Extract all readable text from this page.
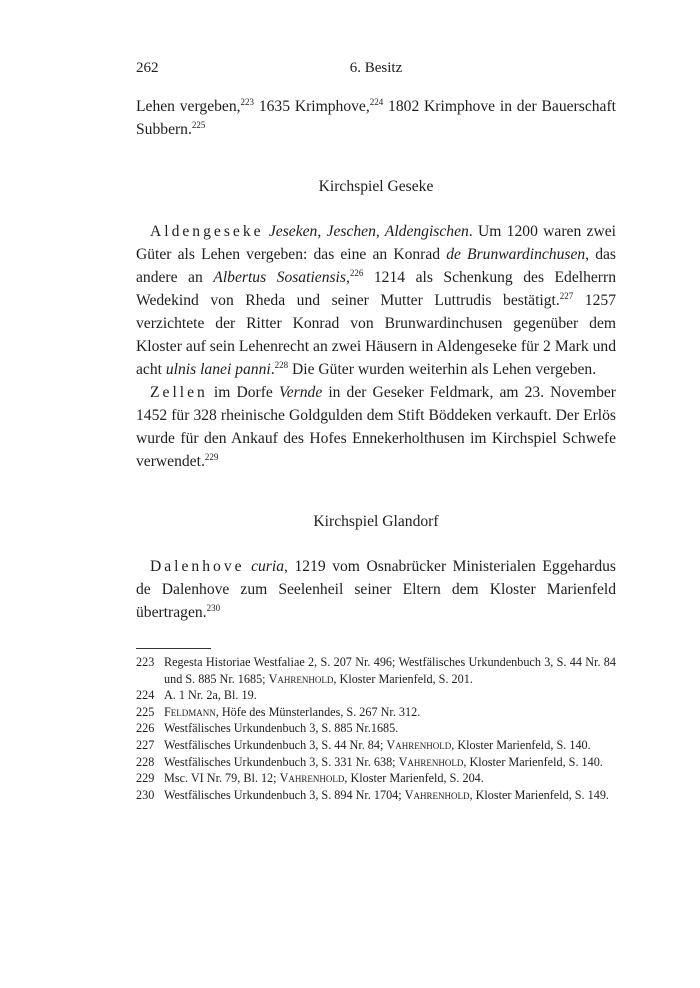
262	6. Besitz

Lehen vergeben,$^{223}$ 1635 Krimphove,$^{224}$ 1802 Krimphove in der Bauerschaft Subbern.$^{225}$

Kirchspiel Geseke

Aldengeseke Jeseken, Jeschen, Aldengischen. Um 1200 waren zwei Güter als Lehen vergeben: das eine an Konrad de Brunwardinchusen, das andere an Albertus Sosatiensis,$^{226}$ 1214 als Schenkung des Edelherrn Wedekind von Rheda und seiner Mutter Luttrudis bestätigt.$^{227}$ 1257 verzichtete der Ritter Konrad von Brunwardinchusen gegenüber dem Kloster auf sein Lehenrecht an zwei Häusern in Aldengeseke für 2 Mark und acht ulnis lanei panni.$^{228}$ Die Güter wurden weiterhin als Lehen vergeben.

Zellen im Dorfe Vernde in der Geseker Feldmark, am 23. November 1452 für 328 rheinische Goldgulden dem Stift Böddeken verkauft. Der Erlös wurde für den Ankauf des Hofes Ennekerholthusen im Kirchspiel Schwefe verwendet.$^{229}$

Kirchspiel Glandorf

Dalenhove curia, 1219 vom Osnabrücker Ministerialen Eggehardus de Dalenhove zum Seelenheil seiner Eltern dem Kloster Marienfeld übertragen.$^{230}$

223 Regesta Historiae Westfaliae 2, S. 207 Nr. 496; Westfälisches Urkundenbuch 3, S. 44 Nr. 84 und S. 885 Nr. 1685; Vahrenhold, Kloster Marienfeld, S. 201.
224 A. 1 Nr. 2a, Bl. 19.
225 Feldmann, Höfe des Münsterlandes, S. 267 Nr. 312.
226 Westfälisches Urkundenbuch 3, S. 885 Nr.1685.
227 Westfälisches Urkundenbuch 3, S. 44 Nr. 84; Vahrenhold, Kloster Marienfeld, S. 140.
228 Westfälisches Urkundenbuch 3, S. 331 Nr. 638; Vahrenhold, Kloster Marienfeld, S. 140.
229 Msc. VI Nr. 79, Bl. 12; Vahrenhold, Kloster Marienfeld, S. 204.
230 Westfälisches Urkundenbuch 3, S. 894 Nr. 1704; Vahrenhold, Kloster Marienfeld, S. 149.
